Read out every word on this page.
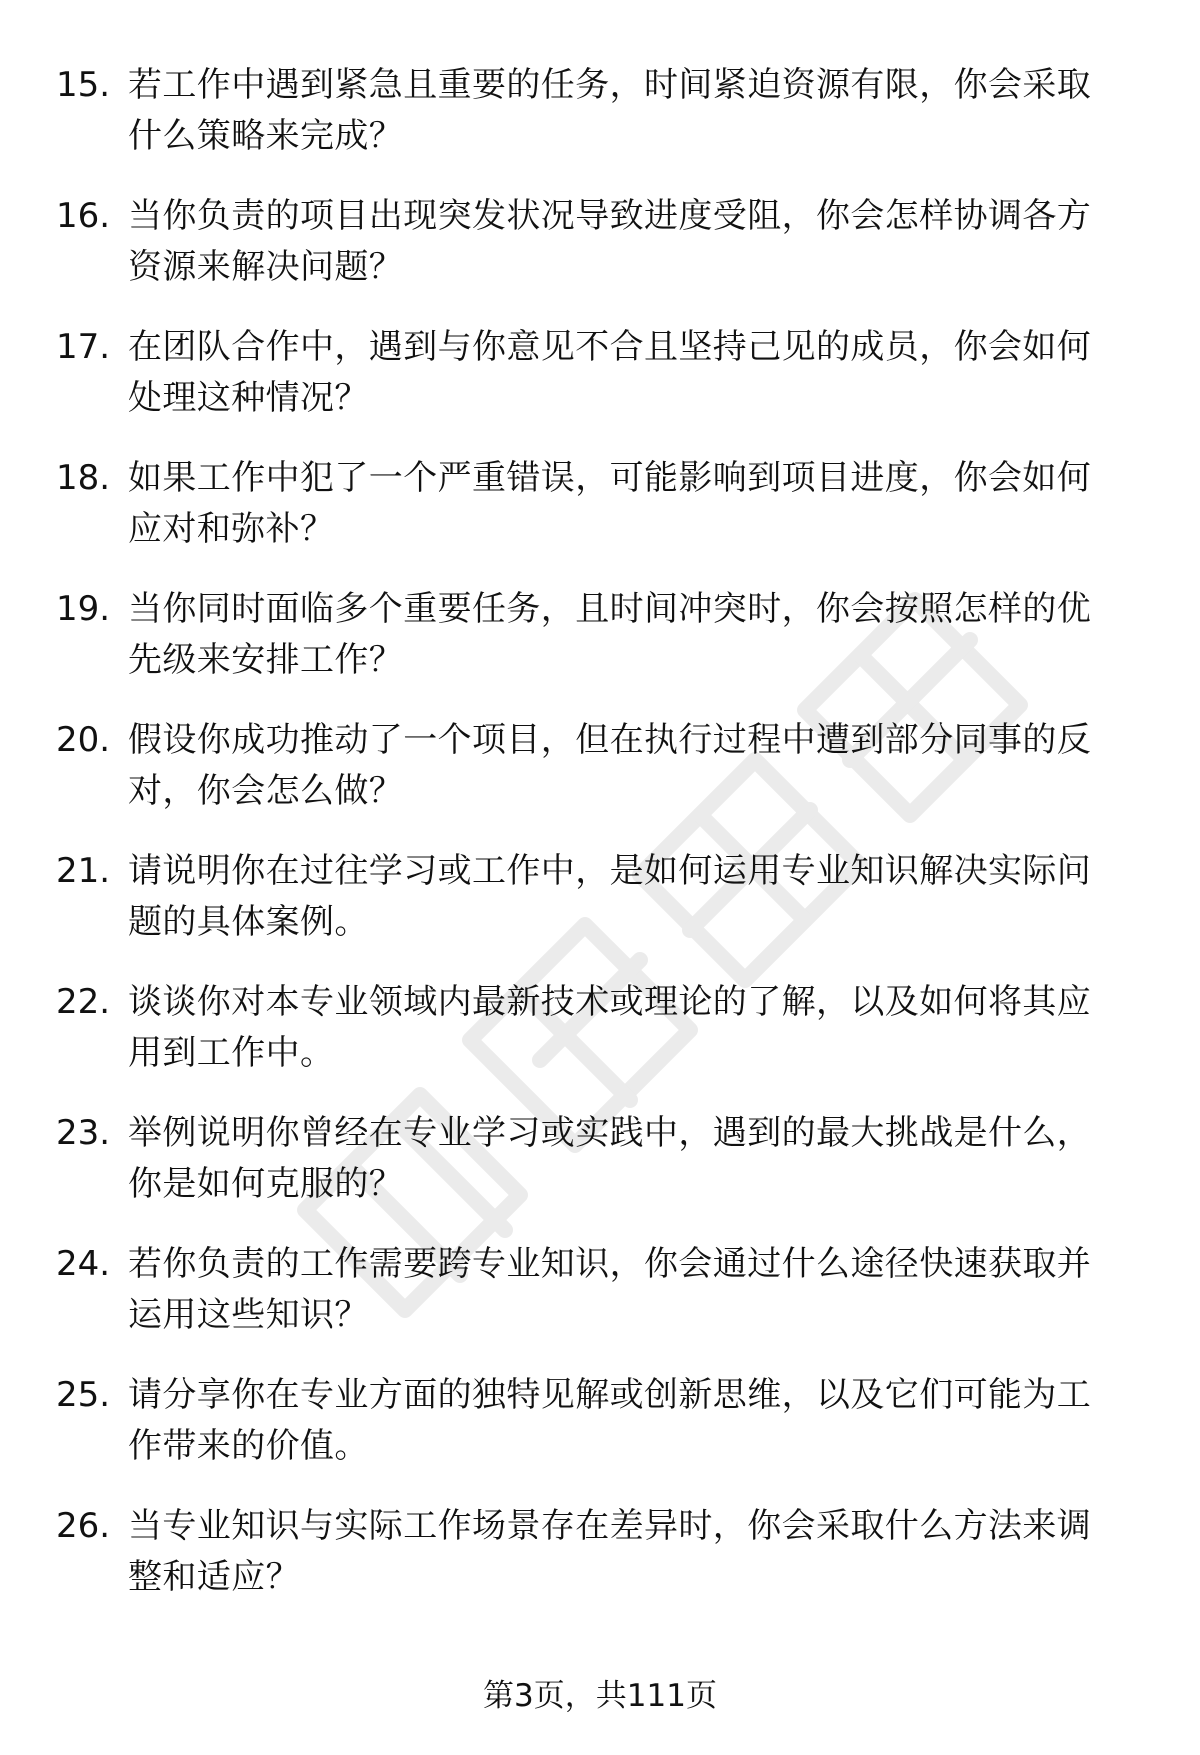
15. 若工作中遇到紧急且重要的任务，时间紧迫资源有限，你会采取
什么策略来完成？
16. 当你负责的项目出现突发状况导致进度受阻，你会怎样协调各方
资源来解决问题？
17. 在团队合作中，遇到与你意见不合且坚持己见的成员，你会如何
处理这种情况？
18. 如果工作中犯了一个严重错误，可能影响到项目进度，你会如何
应对和弥补？
19. 当你同时面临多个重要任务，且时间冲突时，你会按照怎样的优
先级来安排工作？
20. 假设你成功推动了一个项目，但在执行过程中遭到部分同事的反
对，你会怎么做？
21. 请说明你在过往学习或工作中，是如何运用专业知识解决实际问
题的具体案例。
22. 谈谈你对本专业领域内最新技术或理论的了解，以及如何将其应
用到工作中。
23. 举例说明你曾经在专业学习或实践中，遇到的最大挑战是什么，
你是如何克服的？
24. 若你负责的工作需要跨专业知识，你会通过什么途径快速获取并
运用这些知识？
25. 请分享你在专业方面的独特见解或创新思维，以及它们可能为工
作带来的价值。
26. 当专业知识与实际工作场景存在差异时，你会采取什么方法来调
整和适应？
第3页，共111页
